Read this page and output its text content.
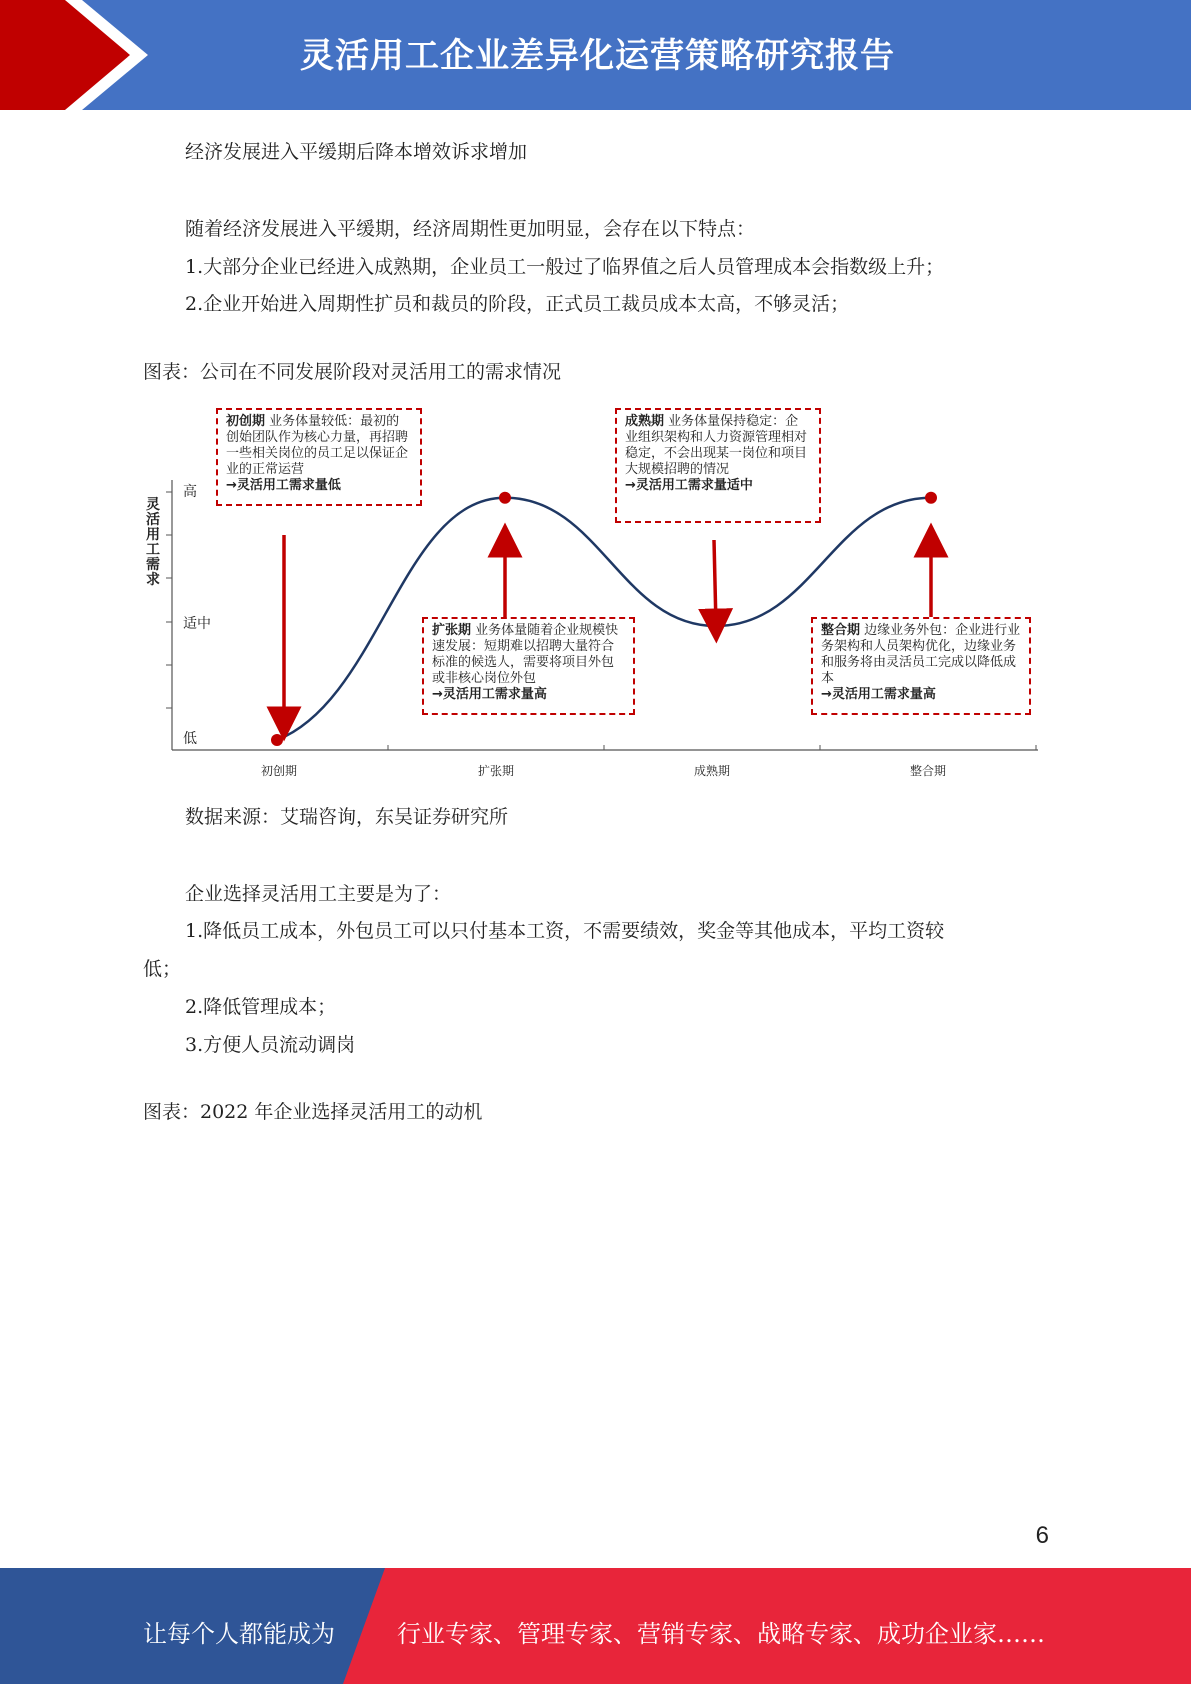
灵活用工企业差异化运营策略研究报告
经济发展进入平缓期后降本增效诉求增加
随着经济发展进入平缓期，经济周期性更加明显，会存在以下特点：
1.大部分企业已经进入成熟期，企业员工一般过了临界值之后人员管理成本会指数级上升；
2.企业开始进入周期性扩员和裁员的阶段，正式员工裁员成本太高，不够灵活；
图表：公司在不同发展阶段对灵活用工的需求情况
灵活用工需求
高
适中
低
初创期	扩张期	成熟期	整合期
初创期 业务体量较低：最初的创始团队作为核心力量，再招聘一些相关岗位的员工足以保证企业的正常运营
→灵活用工需求量低
成熟期 业务体量保持稳定：企业组织架构和人力资源管理相对稳定，不会出现某一岗位和项目大规模招聘的情况
→灵活用工需求量适中
扩张期 业务体量随着企业规模快速发展：短期难以招聘大量符合标准的候选人，需要将项目外包或非核心岗位外包
→灵活用工需求量高
整合期 边缘业务外包：企业进行业务架构和人员架构优化，边缘业务和服务将由灵活员工完成以降低成本
→灵活用工需求量高
数据来源：艾瑞咨询，东吴证券研究所
企业选择灵活用工主要是为了：
1.降低员工成本，外包员工可以只付基本工资，不需要绩效，奖金等其他成本，平均工资较
低；
2.降低管理成本；
3.方便人员流动调岗
图表：2022 年企业选择灵活用工的动机
6
让每个人都能成为	行业专家、管理专家、营销专家、战略专家、成功企业家……
